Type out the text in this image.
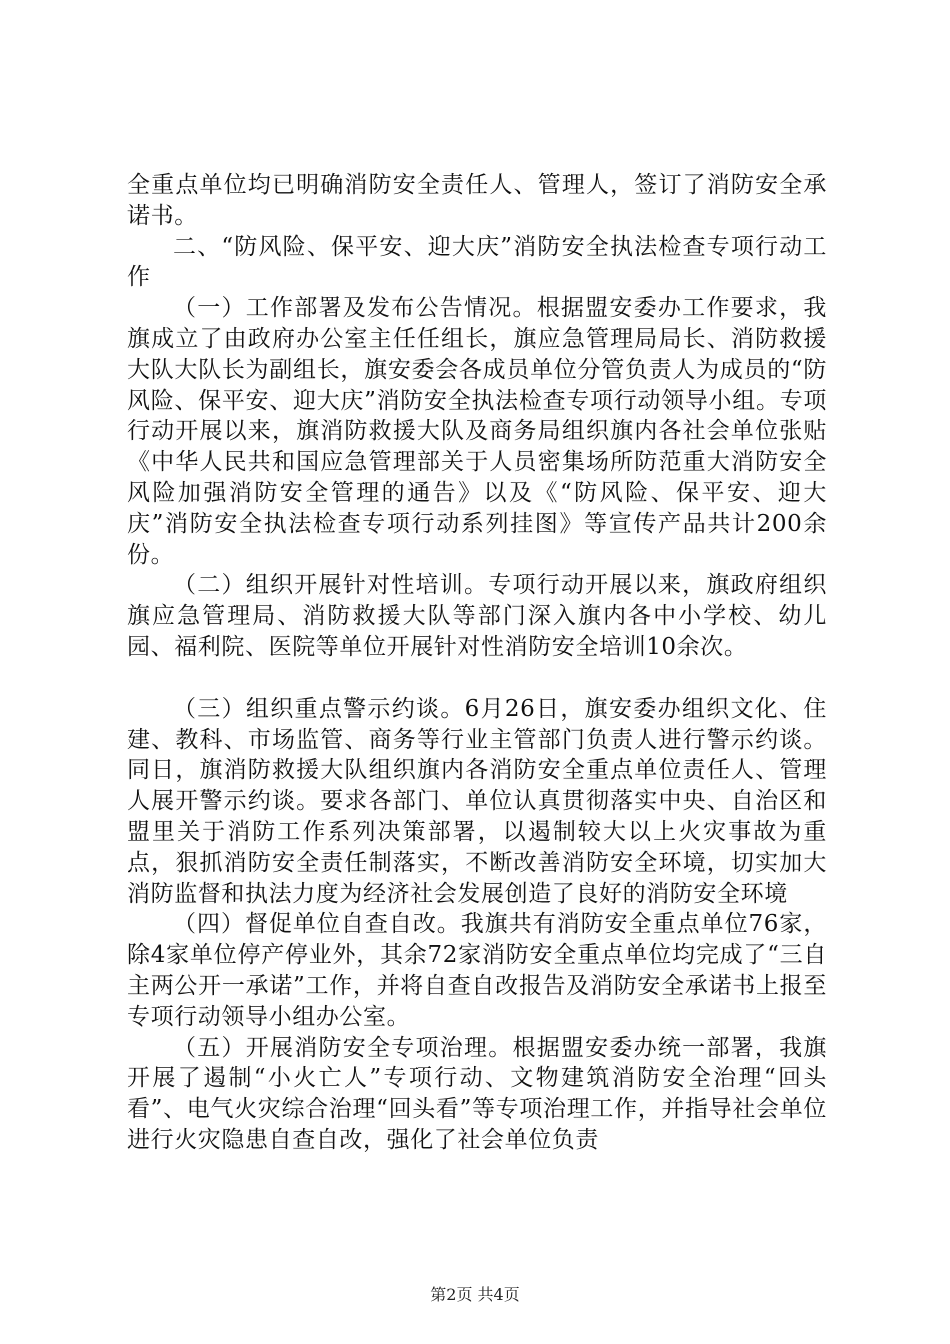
全重点单位均已明确消防安全责任人、管理人，签订了消防安全承诺书。

二、“防风险、保平安、迎大庆”消防安全执法检查专项行动工作

（一）工作部署及发布公告情况。根据盟安委办工作要求，我旗成立了由政府办公室主任任组长，旗应急管理局局长、消防救援大队大队长为副组长，旗安委会各成员单位分管负责人为成员的“防风险、保平安、迎大庆”消防安全执法检查专项行动领导小组。专项行动开展以来，旗消防救援大队及商务局组织旗内各社会单位张贴《中华人民共和国应急管理部关于人员密集场所防范重大消防安全风险加强消防安全管理的通告》以及《“防风险、保平安、迎大庆”消防安全执法检查专项行动系列挂图》等宣传产品共计200余份。

（二）组织开展针对性培训。专项行动开展以来，旗政府组织旗应急管理局、消防救援大队等部门深入旗内各中小学校、幼儿园、福利院、医院等单位开展针对性消防安全培训10余次。

（三）组织重点警示约谈。6月26日，旗安委办组织文化、住建、教科、市场监管、商务等行业主管部门负责人进行警示约谈。同日，旗消防救援大队组织旗内各消防安全重点单位责任人、管理人展开警示约谈。要求各部门、单位认真贯彻落实中央、自治区和盟里关于消防工作系列决策部署，以遏制较大以上火灾事故为重点，狠抓消防安全责任制落实，不断改善消防安全环境，切实加大消防监督和执法力度为经济社会发展创造了良好的消防安全环境

（四）督促单位自查自改。我旗共有消防安全重点单位76家，除4家单位停产停业外，其余72家消防安全重点单位均完成了“三自主两公开一承诺”工作，并将自查自改报告及消防安全承诺书上报至专项行动领导小组办公室。

（五）开展消防安全专项治理。根据盟安委办统一部署，我旗开展了遏制“小火亡人”专项行动、文物建筑消防安全治理“回头看”、电气火灾综合治理“回头看”等专项治理工作，并指导社会单位进行火灾隐患自查自改，强化了社会单位负责

第2页 共4页
